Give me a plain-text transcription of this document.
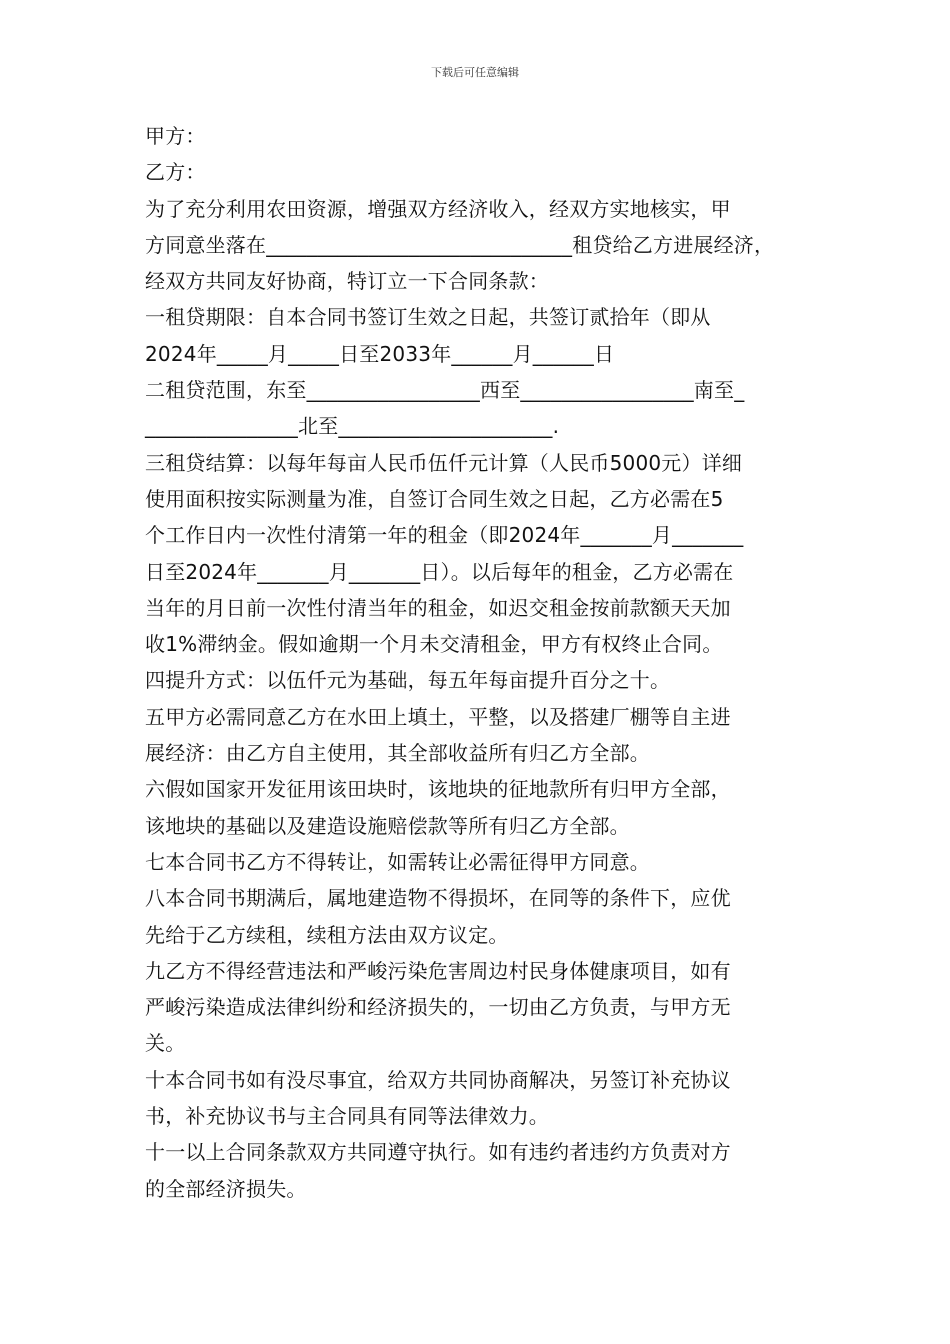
下载后可任意编辑
甲方：
乙方：
为了充分利用农田资源，增强双方经济收入，经双方实地核实，甲
方同意坐落在______________________________租贷给乙方进展经济，
经双方共同友好协商，特订立一下合同条款：
一租贷期限：自本合同书签订生效之日起，共签订贰拾年（即从
2024年_____月_____日至2033年______月______日
二租贷范围，东至_________________西至_________________南至_
_______________北至_____________________.
三租贷结算：以每年每亩人民币伍仟元计算（人民币5000元）详细
使用面积按实际测量为准，自签订合同生效之日起，乙方必需在5
个工作日内一次性付清第一年的租金（即2024年_______月_______
日至2024年_______月_______日）。以后每年的租金，乙方必需在
当年的月日前一次性付清当年的租金，如迟交租金按前款额天天加
收1%滞纳金。假如逾期一个月未交清租金，甲方有权终止合同。
四提升方式：以伍仟元为基础，每五年每亩提升百分之十。
五甲方必需同意乙方在水田上填土，平整，以及搭建厂棚等自主进
展经济：由乙方自主使用，其全部收益所有归乙方全部。
六假如国家开发征用该田块时，该地块的征地款所有归甲方全部，
该地块的基础以及建造设施赔偿款等所有归乙方全部。
七本合同书乙方不得转让，如需转让必需征得甲方同意。
八本合同书期满后，属地建造物不得损坏，在同等的条件下，应优
先给于乙方续租，续租方法由双方议定。
九乙方不得经营违法和严峻污染危害周边村民身体健康项目，如有
严峻污染造成法律纠纷和经济损失的，一切由乙方负责，与甲方无
关。
十本合同书如有没尽事宜，给双方共同协商解决，另签订补充协议
书，补充协议书与主合同具有同等法律效力。
十一以上合同条款双方共同遵守执行。如有违约者违约方负责对方
的全部经济损失。
